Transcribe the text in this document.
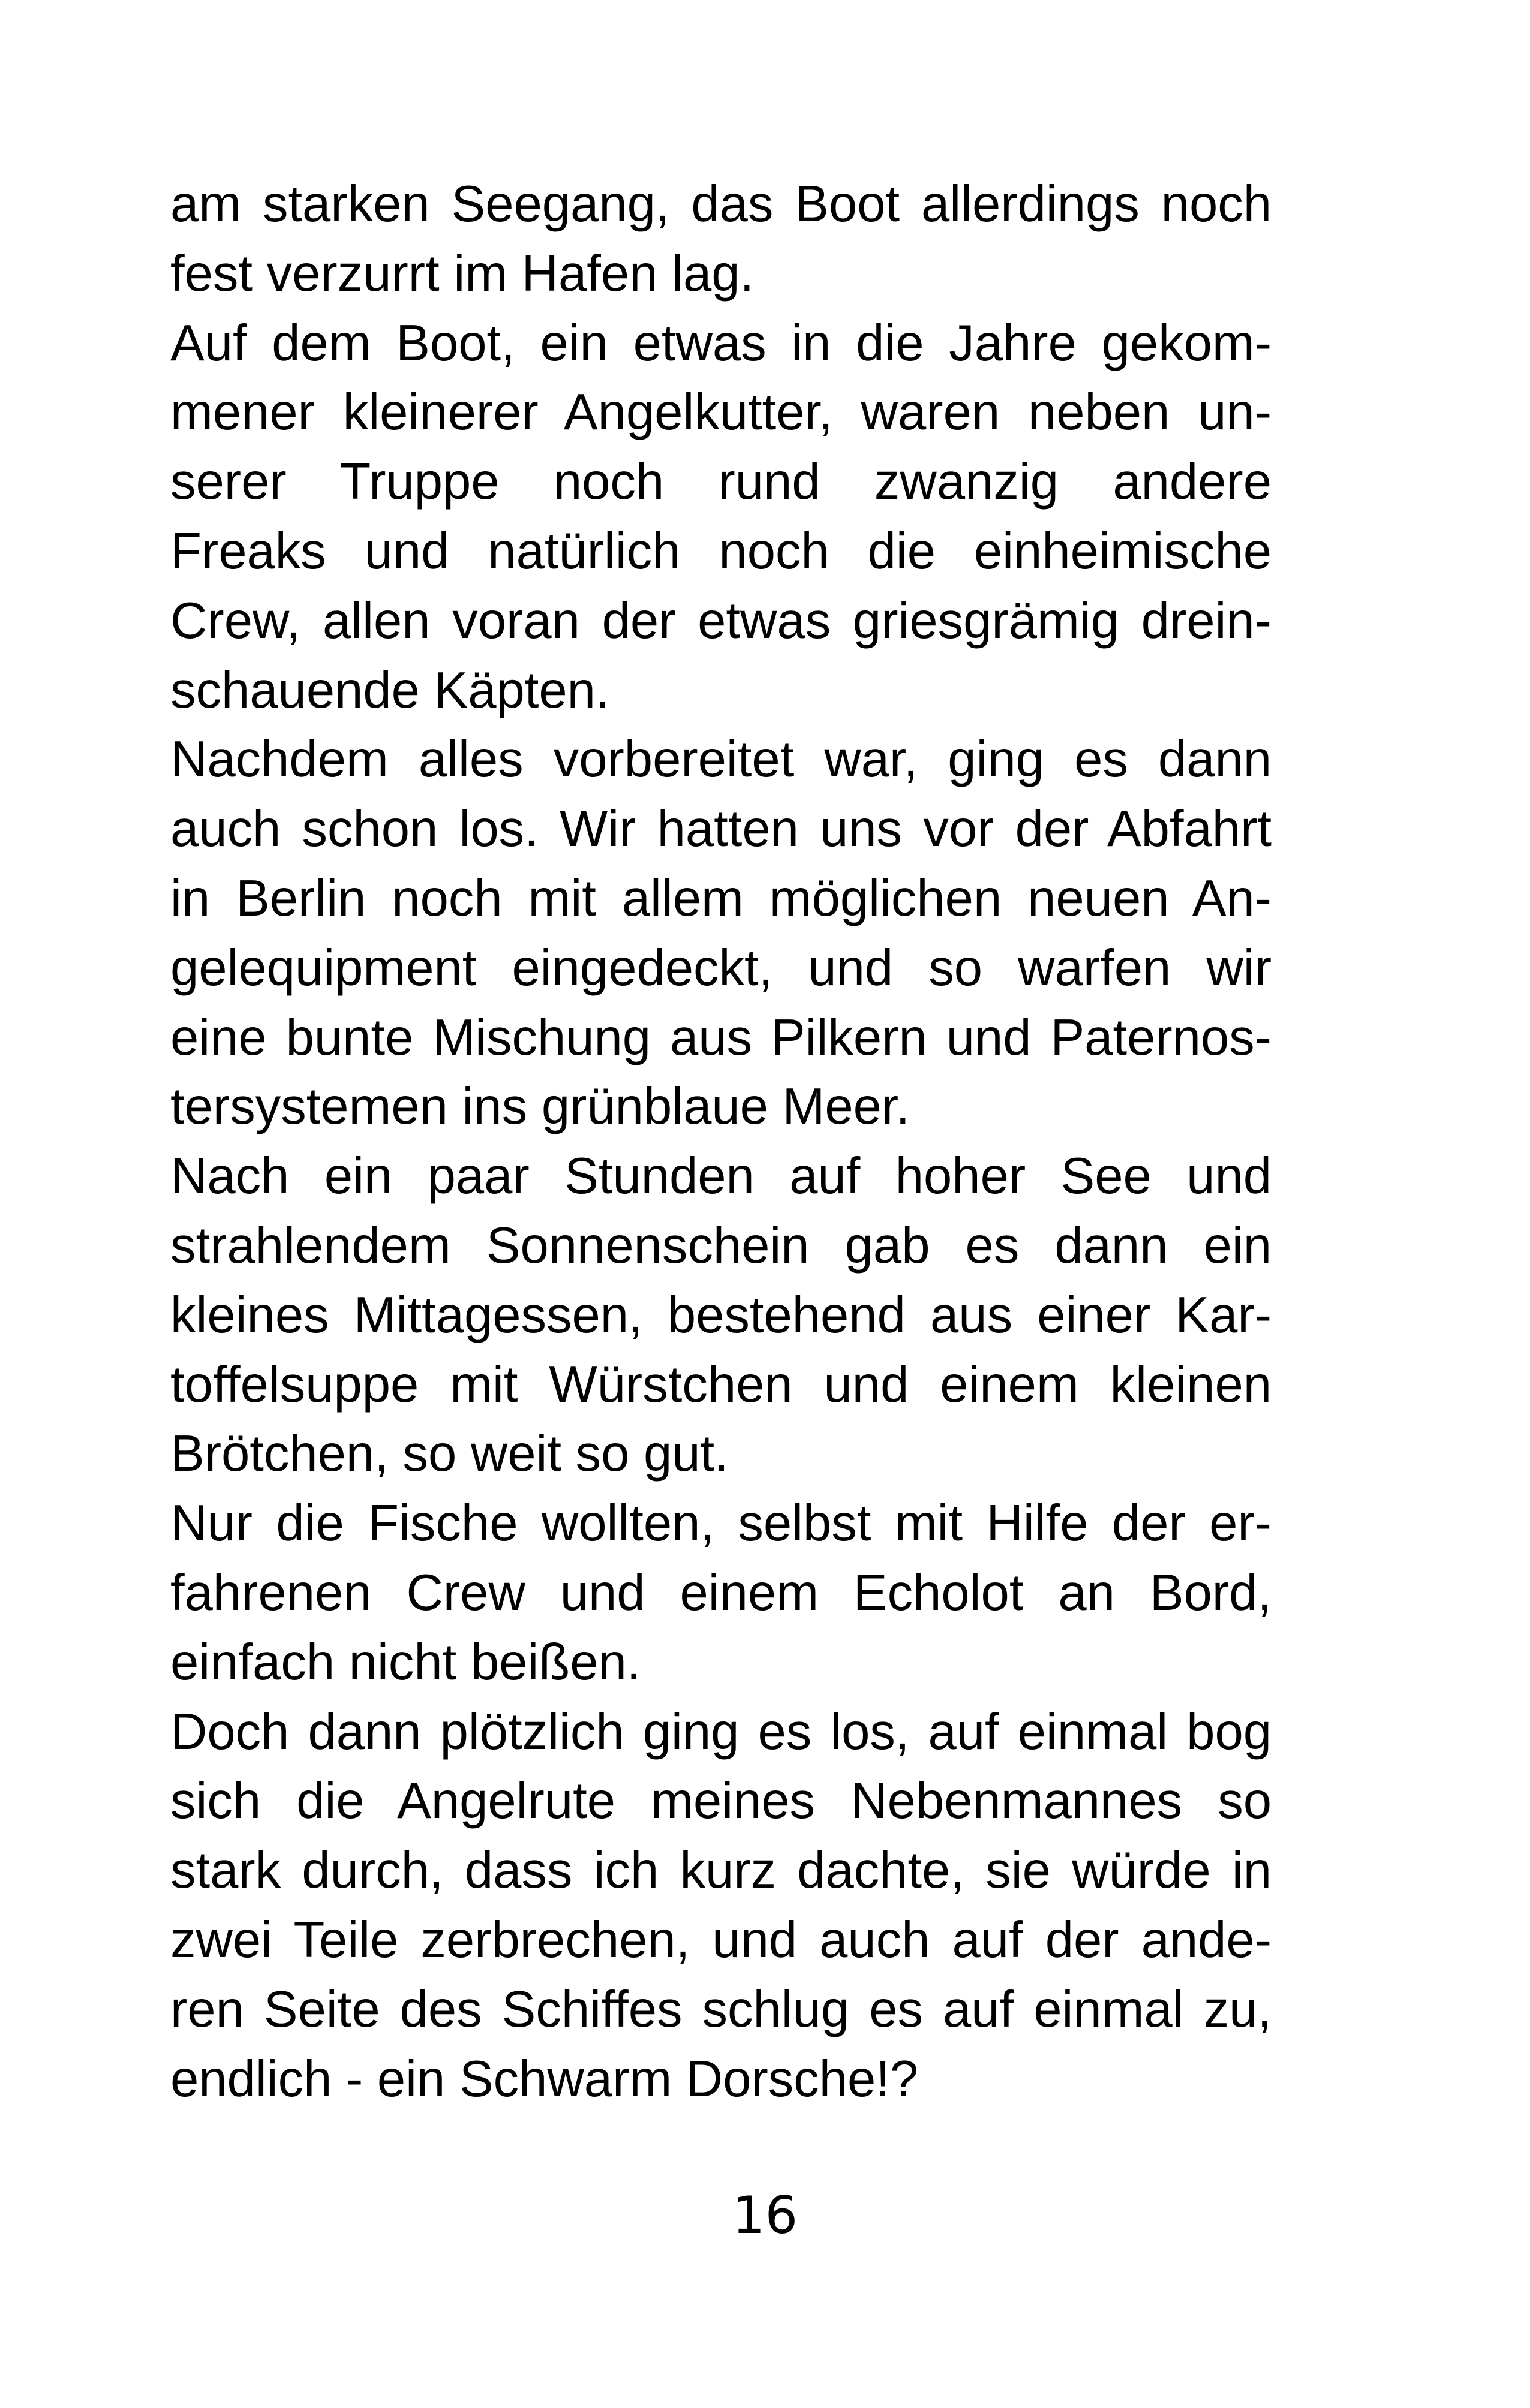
am starken Seegang, das Boot allerdings noch
fest verzurrt im Hafen lag.
Auf dem Boot, ein etwas in die Jahre gekom-
mener kleinerer Angelkutter, waren neben un-
serer Truppe noch rund zwanzig andere
Freaks und natürlich noch die einheimische
Crew, allen voran der etwas griesgrämig drein-
schauende Käpten.
Nachdem alles vorbereitet war, ging es dann
auch schon los. Wir hatten uns vor der Abfahrt
in Berlin noch mit allem möglichen neuen An-
gelequipment eingedeckt, und so warfen wir
eine bunte Mischung aus Pilkern und Paternos-
tersystemen ins grünblaue Meer.
Nach ein paar Stunden auf hoher See und
strahlendem Sonnenschein gab es dann ein
kleines Mittagessen, bestehend aus einer Kar-
toffelsuppe mit Würstchen und einem kleinen
Brötchen, so weit so gut.
Nur die Fische wollten, selbst mit Hilfe der er-
fahrenen Crew und einem Echolot an Bord,
einfach nicht beißen.
Doch dann plötzlich ging es los, auf einmal bog
sich die Angelrute meines Nebenmannes so
stark durch, dass ich kurz dachte, sie würde in
zwei Teile zerbrechen, und auch auf der ande-
ren Seite des Schiffes schlug es auf einmal zu,
endlich - ein Schwarm Dorsche!?
16
